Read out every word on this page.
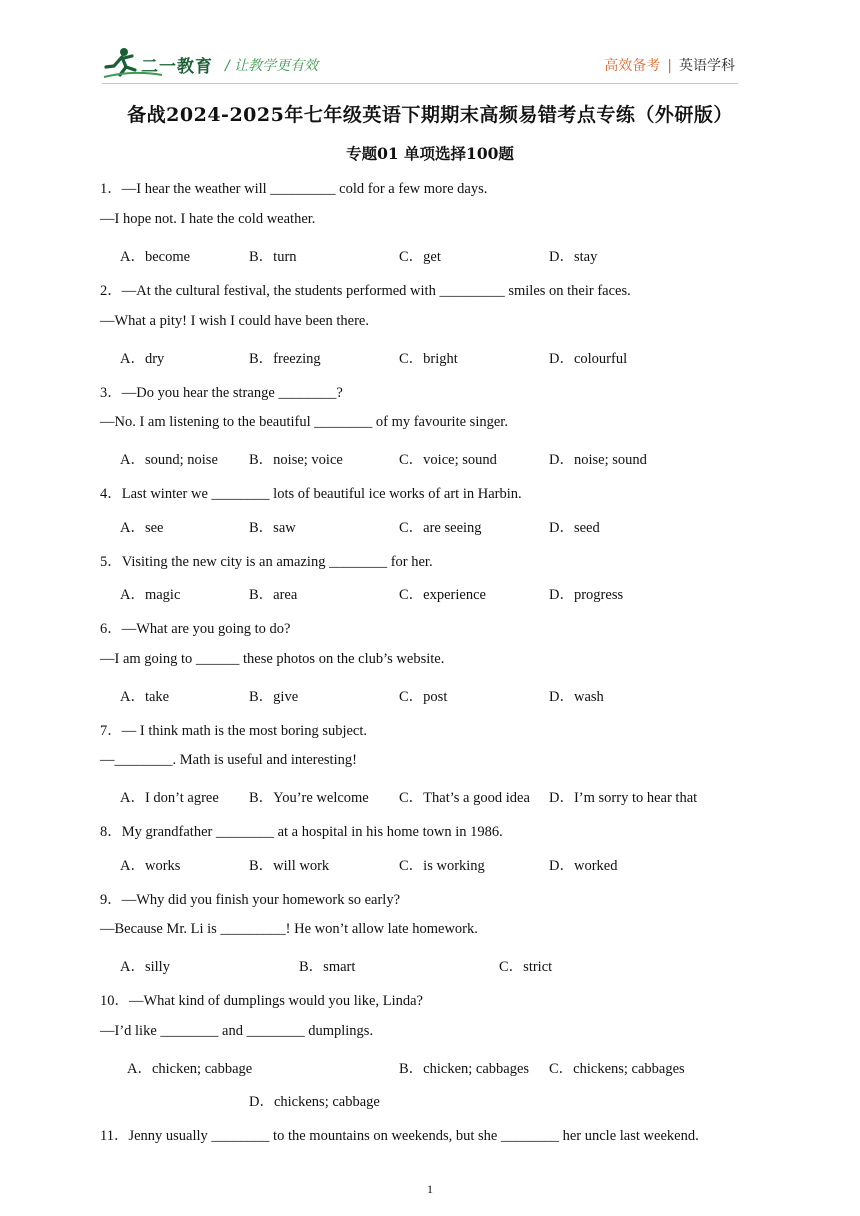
二一教育 / 让教学更有效	高效备考 | 英语学科
备战2024-2025年七年级英语下期期末高频易错考点专练（外研版）
专题01 单项选择100题
1．—I hear the weather will _________ cold for a few more days.
—I hope not. I hate the cold weather.
A．become	B．turn	C．get	D．stay
2．—At the cultural festival, the students performed with _________ smiles on their faces.
—What a pity! I wish I could have been there.
A．dry	B．freezing	C．bright	D．colourful
3．—Do you hear the strange ________?
—No. I am listening to the beautiful ________ of my favourite singer.
A．sound; noise B．noise; voice	C．voice; sound	D．noise; sound
4．Last winter we ________ lots of beautiful ice works of art in Harbin.
A．see	B．saw	C．are seeing	D．seed
5．Visiting the new city is an amazing ________ for her.
A．magic	B．area	C．experience	D．progress
6．—What are you going to do?
—I am going to ______ these photos on the club’s website.
A．take	B．give	C．post	D．wash
7．— I think math is the most boring subject.
—________. Math is useful and interesting!
A．I don’t agree B．You’re welcome C．That’s a good idea D．I’m sorry to hear that
8．My grandfather ________ at a hospital in his home town in 1986.
A．works	B．will work	C．is working	D．worked
9．—Why did you finish your homework so early?
—Because Mr. Li is _________! He won’t allow late homework.
A．silly	B．smart	C．strict
10．—What kind of dumplings would you like, Linda?
—I’d like ________ and ________ dumplings.
A．chicken; cabbage	B．chicken; cabbages C．chickens; cabbages
D．chickens; cabbage
11．Jenny usually ________ to the mountains on weekends, but she ________ her uncle last weekend.
1
